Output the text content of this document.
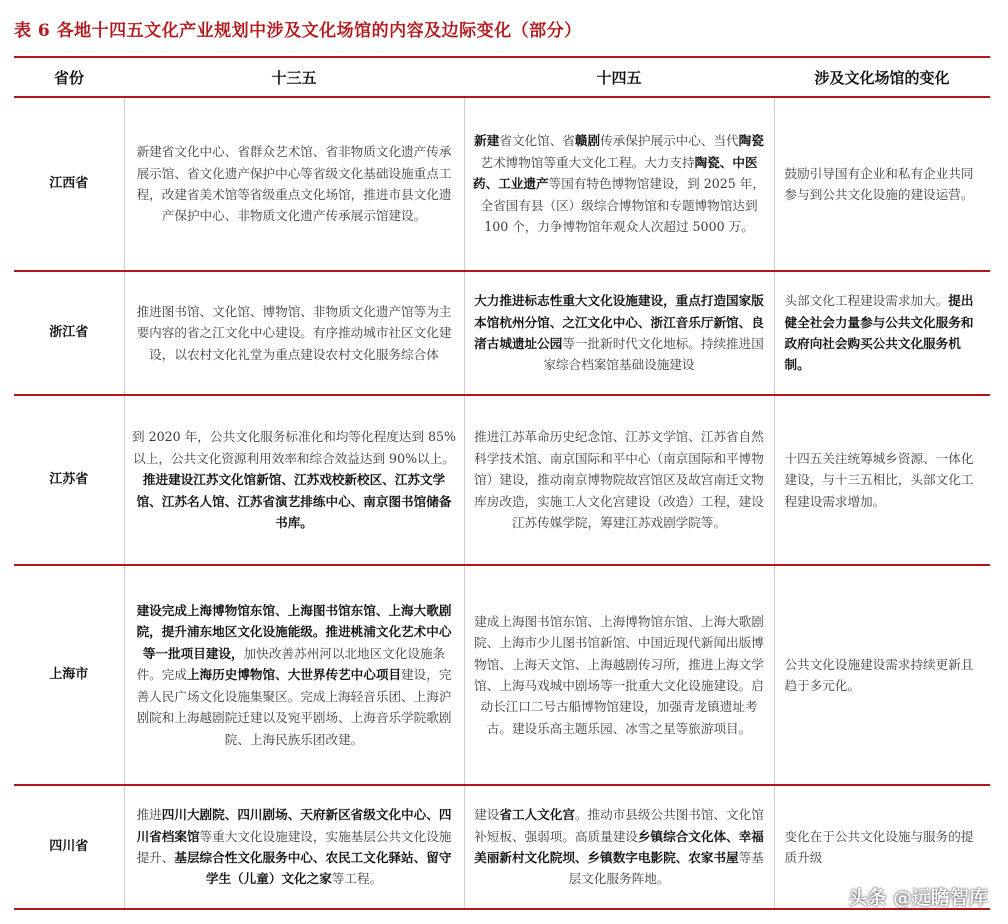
表 6 各地十四五文化产业规划中涉及文化场馆的内容及边际变化（部分）
省份	十三五	十四五	涉及文化场馆的变化
江西省	新建省文化中心、省群众艺术馆、省非物质文化遗产传承展示馆、省文化遗产保护中心等省级文化基础设施重点工程，改建省美术馆等省级重点文化场馆，推进市县文化遗产保护中心、非物质文化遗产传承展示馆建设。	新建省文化馆、省赣剧传承保护展示中心、当代陶瓷艺术博物馆等重大文化工程。大力支持陶瓷、中医药、工业遗产等国有特色博物馆建设，到 2025 年，全省国有县（区）级综合博物馆和专题博物馆达到 100 个，力争博物馆年观众人次超过 5000 万。	鼓励引导国有企业和私有企业共同参与到公共文化设施的建设运营。
浙江省	推进图书馆、文化馆、博物馆、非物质文化遗产馆等为主要内容的省之江文化中心建设。有序推动城市社区文化建设，以农村文化礼堂为重点建设农村文化服务综合体	大力推进标志性重大文化设施建设，重点打造国家版本馆杭州分馆、之江文化中心、浙江音乐厅新馆、良渚古城遗址公园等一批新时代文化地标。持续推进国家综合档案馆基础设施建设	头部文化工程建设需求加大。提出健全社会力量参与公共文化服务和政府向社会购买公共文化服务机制。
江苏省	到 2020 年，公共文化服务标准化和均等化程度达到 85%以上，公共文化资源利用效率和综合效益达到 90%以上。推进建设江苏文化馆新馆、江苏戏校新校区、江苏文学馆、江苏名人馆、江苏省演艺排练中心、南京图书馆储备书库。	推进江苏革命历史纪念馆、江苏文学馆、江苏省自然科学技术馆、南京国际和平中心（南京国际和平博物馆）建设，推动南京博物院故宫馆区及故宫南迁文物库房改造，实施工人文化宫建设（改造）工程，建设江苏传媒学院，筹建江苏戏剧学院等。	十四五关注统筹城乡资源、一体化建设，与十三五相比，头部文化工程建设需求增加。
上海市	建设完成上海博物馆东馆、上海图书馆东馆、上海大歌剧院，提升浦东地区文化设施能级。推进桃浦文化艺术中心等一批项目建设，加快改善苏州河以北地区文化设施条件。完成上海历史博物馆、大世界传艺中心项目建设，完善人民广场文化设施集聚区。完成上海轻音乐团、上海沪剧院和上海越剧院迁建以及宛平剧场、上海音乐学院歌剧院、上海民族乐团改建。	建成上海图书馆东馆、上海博物馆东馆、上海大歌剧院、上海市少儿图书馆新馆、中国近现代新闻出版博物馆、上海天文馆、上海越剧传习所，推进上海文学馆、上海马戏城中剧场等一批重大文化设施建设。启动长江口二号古船博物馆建设，加强青龙镇遗址考古。建设乐高主题乐园、冰雪之星等旅游项目。	公共文化设施建设需求持续更新且趋于多元化。
四川省	推进四川大剧院、四川剧场、天府新区省级文化中心、四川省档案馆等重大文化设施建设，实施基层公共文化设施提升、基层综合性文化服务中心、农民工文化驿站、留守学生（儿童）文化之家等工程。	建设省工人文化宫。推动市县级公共图书馆、文化馆补短板、强弱项。高质量建设乡镇综合文化体、幸福美丽新村文化院坝、乡镇数字电影院、农家书屋等基层文化服务阵地。	变化在于公共文化设施与服务的提质升级
头条 @远瞻智库
